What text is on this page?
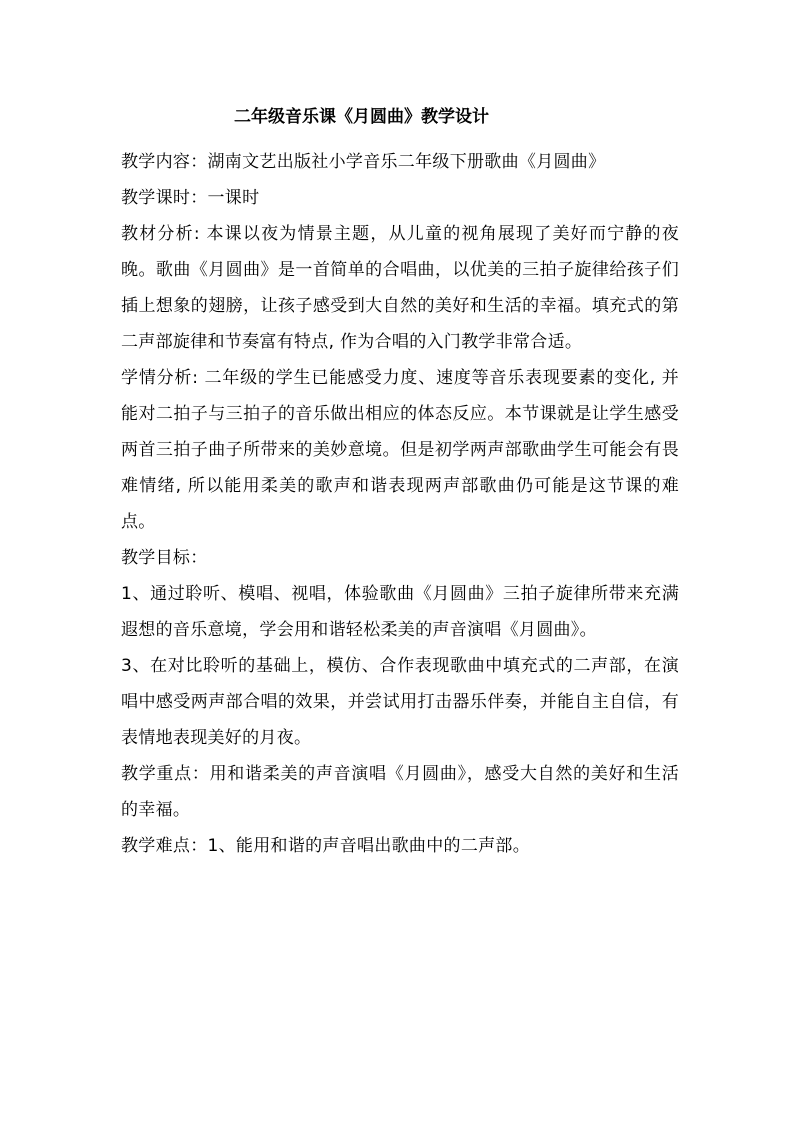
二年级音乐课《月圆曲》教学设计

教学内容：湖南文艺出版社小学音乐二年级下册歌曲《月圆曲》

教学课时：一课时

教材分析: 本课以夜为情景主题，从儿童的视角展现了美好而宁静的夜晚。歌曲《月圆曲》是一首简单的合唱曲，以优美的三拍子旋律给孩子们插上想象的翅膀，让孩子感受到大自然的美好和生活的幸福。填充式的第二声部旋律和节奏富有特点, 作为合唱的入门教学非常合适。

学情分析: 二年级的学生已能感受力度、速度等音乐表现要素的变化, 并能对二拍子与三拍子的音乐做出相应的体态反应。本节课就是让学生感受两首三拍子曲子所带来的美妙意境。但是初学两声部歌曲学生可能会有畏难情绪, 所以能用柔美的歌声和谐表现两声部歌曲仍可能是这节课的难点。

教学目标：

1、通过聆听、模唱、视唱，体验歌曲《月圆曲》三拍子旋律所带来充满遐想的音乐意境，学会用和谐轻松柔美的声音演唱《月圆曲》。

3、在对比聆听的基础上，模仿、合作表现歌曲中填充式的二声部，在演唱中感受两声部合唱的效果，并尝试用打击器乐伴奏，并能自主自信，有表情地表现美好的月夜。

教学重点：用和谐柔美的声音演唱《月圆曲》，感受大自然的美好和生活的幸福。

教学难点：1、能用和谐的声音唱出歌曲中的二声部。
